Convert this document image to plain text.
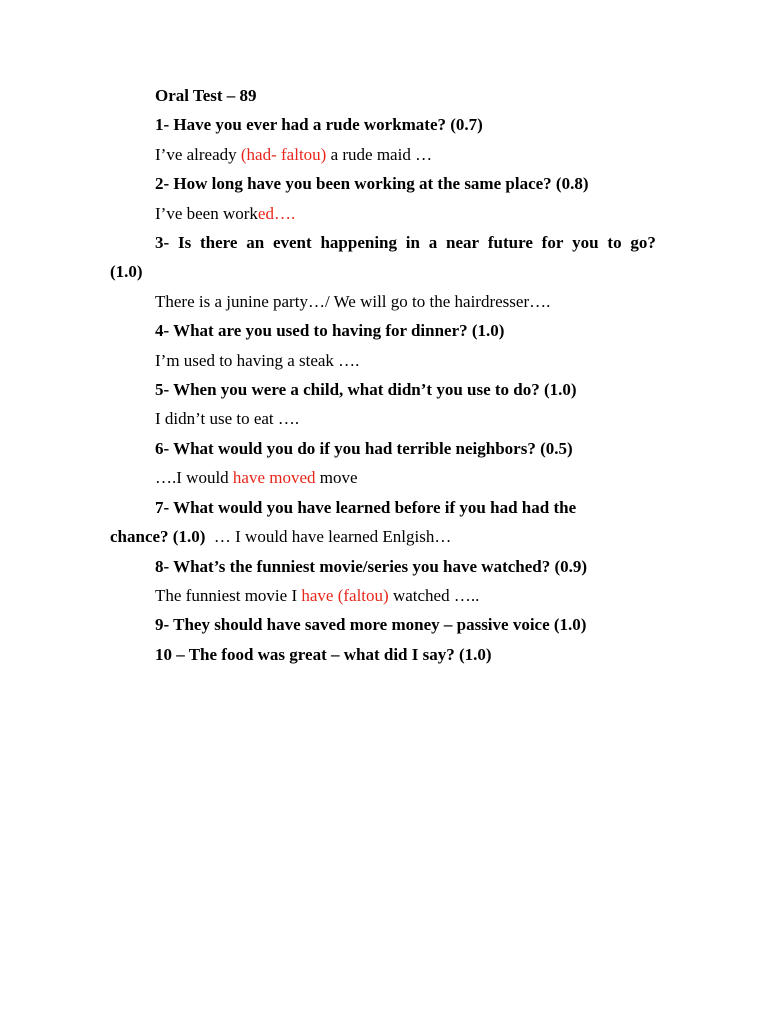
Oral Test – 89
1- Have you ever had a rude workmate? (0.7)
I’ve already (had- faltou) a rude maid …
2- How long have you been working at the same place? (0.8)
I’ve been worked….
3- Is there an event happening in a near future for you to go?
(1.0)
There is a junine party…/ We will go to the hairdresser….
4- What are you used to having for dinner? (1.0)
I’m used to having a steak ….
5- When you were a child, what didn’t you use to do? (1.0)
I didn’t use to eat ….
6- What would you do if you had terrible neighbors? (0.5)
….I would have moved move
7- What would you have learned before if you had had the
chance? (1.0)  … I would have learned Enlgish…
8- What’s the funniest movie/series you have watched? (0.9)
The funniest movie I have (faltou) watched …..
9- They should have saved more money – passive voice (1.0)
10 – The food was great – what did I say? (1.0)
